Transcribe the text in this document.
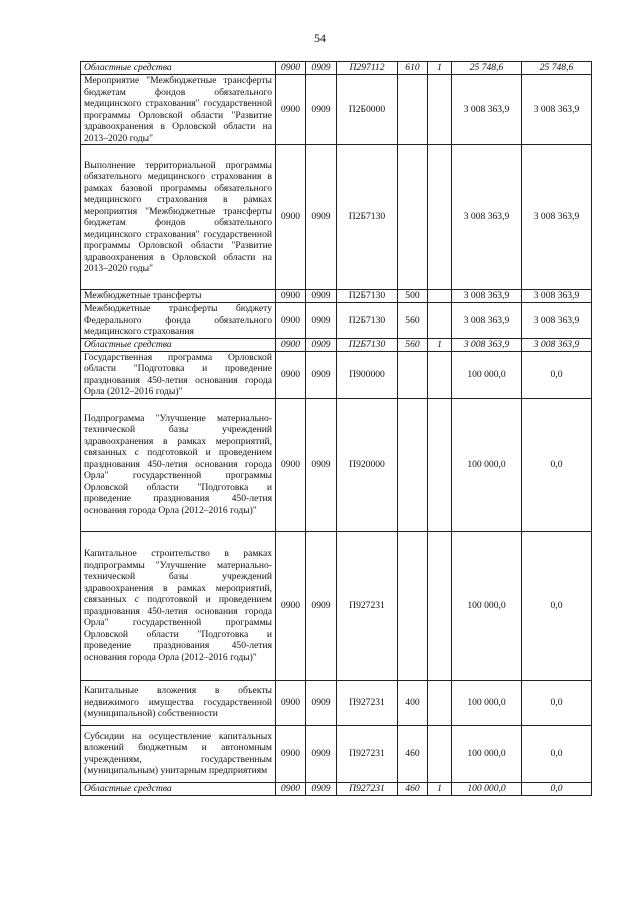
54
Областные средства	0900	0909	П297112	610	1	25 748,6	25 748,6
Мероприятие "Межбюджетные трансферты бюджетам фондов обязательного медицинского страхования" государственной программы Орловской области "Развитие здравоохранения в Орловской области на 2013–2020 годы"	0900	0909	П2Б0000			3 008 363,9	3 008 363,9
Выполнение территориальной программы обязательного медицинского страхования в рамках базовой программы обязательного медицинского страхования в рамках мероприятия "Межбюджетные трансферты бюджетам фондов обязательного медицинского страхования" государственной программы Орловской области "Развитие здравоохранения в Орловской области на 2013–2020 годы"	0900	0909	П2Б7130			3 008 363,9	3 008 363,9
Межбюджетные трансферты	0900	0909	П2Б7130	500		3 008 363,9	3 008 363,9
Межбюджетные трансферты бюджету Федерального фонда обязательного медицинского страхования	0900	0909	П2Б7130	560		3 008 363,9	3 008 363,9
Областные средства	0900	0909	П2Б7130	560	1	3 008 363,9	3 008 363,9
Государственная программа Орловской области "Подготовка и проведение празднования 450-летия основания города Орла (2012–2016 годы)"	0900	0909	П900000			100 000,0	0,0
Подпрограмма "Улучшение материально-технической базы учреждений здравоохранения в рамках мероприятий, связанных с подготовкой и проведением празднования 450-летия основания города Орла" государственной программы Орловской области "Подготовка и проведение празднования 450-летия основания города Орла (2012–2016 годы)"	0900	0909	П920000			100 000,0	0,0
Капитальное строительство в рамках подпрограммы "Улучшение материально-технической базы учреждений здравоохранения в рамках мероприятий, связанных с подготовкой и проведением празднования 450-летия основания города Орла" государственной программы Орловской области "Подготовка и проведение празднования 450-летия основания города Орла (2012–2016 годы)"	0900	0909	П927231			100 000,0	0,0
Капитальные вложения в объекты недвижимого имущества государственной (муниципальной) собственности	0900	0909	П927231	400		100 000,0	0,0
Субсидии на осуществление капитальных вложений бюджетным и автономным учреждениям, государственным (муниципальным) унитарным предприятиям	0900	0909	П927231	460		100 000,0	0,0
Областные средства	0900	0909	П927231	460	1	100 000,0	0,0
